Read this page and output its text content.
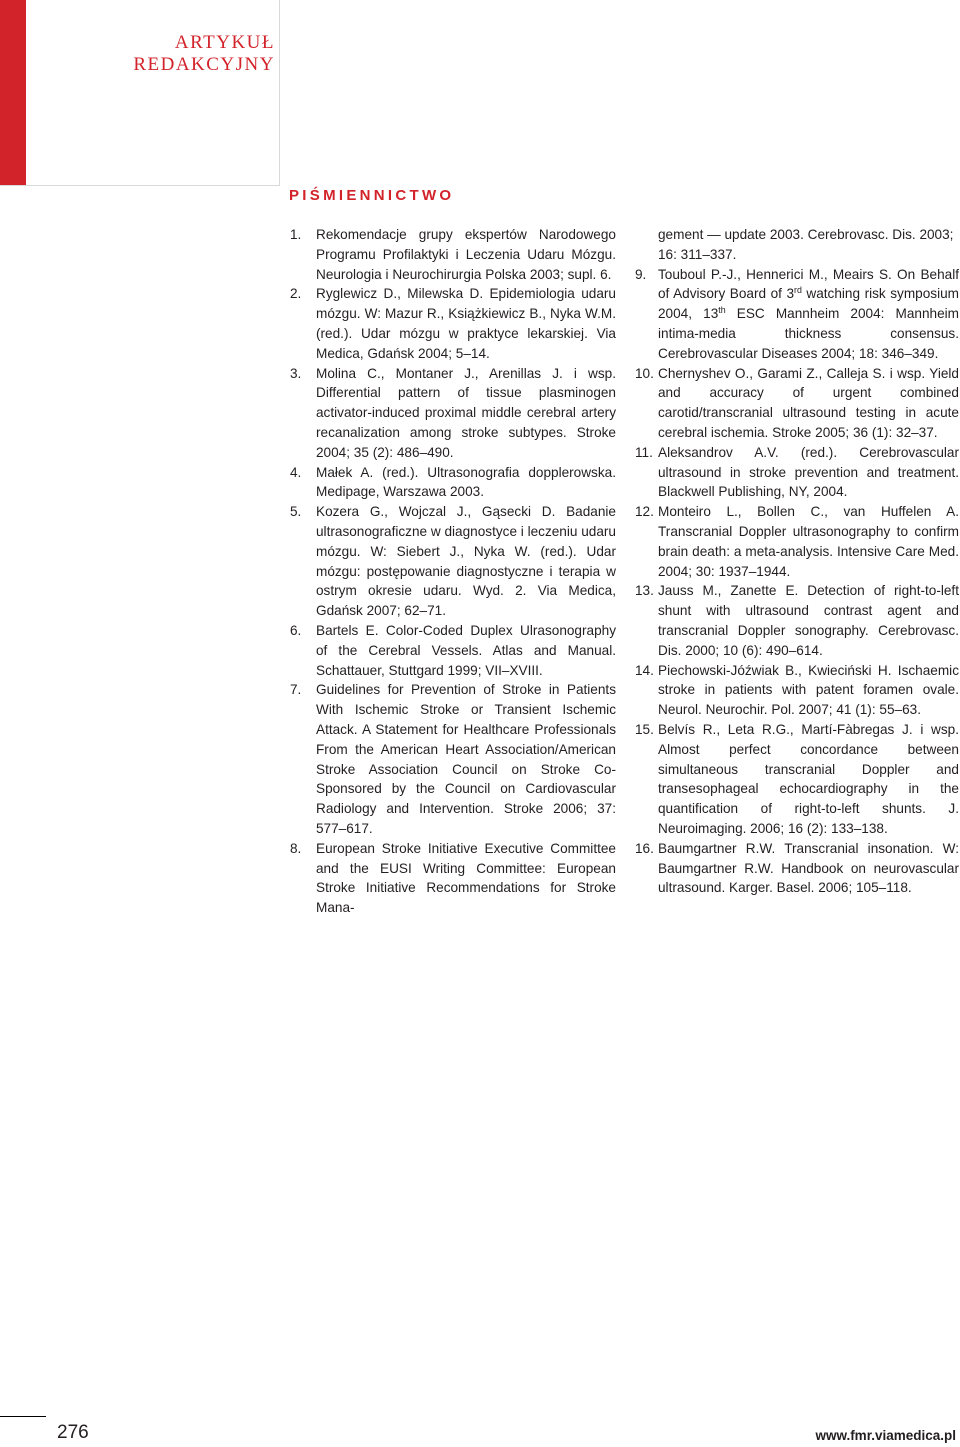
ARTYKUŁ
REDAKCYJNY
PIŚMIENNICTWO
1. Rekomendacje grupy ekspertów Narodowego Programu Profilaktyki i Leczenia Udaru Mózgu. Neurologia i Neurochirurgia Polska 2003; supl. 6.
2. Ryglewicz D., Milewska D. Epidemiologia udaru mózgu. W: Mazur R., Książkiewicz B., Nyka W.M. (red.). Udar mózgu w praktyce lekarskiej. Via Medica, Gdańsk 2004; 5–14.
3. Molina C., Montaner J., Arenillas J. i wsp. Differential pattern of tissue plasminogen activator-induced proximal middle cerebral artery recanalization among stroke subtypes. Stroke 2004; 35 (2): 486–490.
4. Małek A. (red.). Ultrasonografia dopplerowska. Medipage, Warszawa 2003.
5. Kozera G., Wojczal J., Gąsecki D. Badanie ultrasonograficzne w diagnostyce i leczeniu udaru mózgu. W: Siebert J., Nyka W. (red.). Udar mózgu: postępowanie diagnostyczne i terapia w ostrym okresie udaru. Wyd. 2. Via Medica, Gdańsk 2007; 62–71.
6. Bartels E. Color-Coded Duplex Ulrasonography of the Cerebral Vessels. Atlas and Manual. Schattauer, Stuttgard 1999; VII–XVIII.
7. Guidelines for Prevention of Stroke in Patients With Ischemic Stroke or Transient Ischemic Attack. A Statement for Healthcare Professionals From the American Heart Association/American Stroke Association Council on Stroke Co-Sponsored by the Council on Cardiovascular Radiology and Intervention. Stroke 2006; 37: 577–617.
8. European Stroke Initiative Executive Committee and the EUSI Writing Committee: European Stroke Initiative Recommendations for Stroke Mana-
gement — update 2003. Cerebrovasc. Dis. 2003; 16: 311–337.
9. Touboul P.-J., Hennerici M., Meairs S. On Behalf of Advisory Board of 3rd watching risk symposium 2004, 13th ESC Mannheim 2004: Mannheim intima-media thickness consensus. Cerebrovascular Diseases 2004; 18: 346–349.
10. Chernyshev O., Garami Z., Calleja S. i wsp. Yield and accuracy of urgent combined carotid/transcranial ultrasound testing in acute cerebral ischemia. Stroke 2005; 36 (1): 32–37.
11. Aleksandrov A.V. (red.). Cerebrovascular ultrasound in stroke prevention and treatment. Blackwell Publishing, NY, 2004.
12. Monteiro L., Bollen C., van Huffelen A. Transcranial Doppler ultrasonography to confirm brain death: a meta-analysis. Intensive Care Med. 2004; 30: 1937–1944.
13. Jauss M., Zanette E. Detection of right-to-left shunt with ultrasound contrast agent and transcranial Doppler sonography. Cerebrovasc. Dis. 2000; 10 (6): 490–614.
14. Piechowski-Jóźwiak B., Kwieciński H. Ischaemic stroke in patients with patent foramen ovale. Neurol. Neurochir. Pol. 2007; 41 (1): 55–63.
15. Belvís R., Leta R.G., Martí-Fàbregas J. i wsp. Almost perfect concordance between simultaneous transcranial Doppler and transesophageal echocardiography in the quantification of right-to-left shunts. J. Neuroimaging. 2006; 16 (2): 133–138.
16. Baumgartner R.W. Transcranial insonation. W: Baumgartner R.W. Handbook on neurovascular ultrasound. Karger. Basel. 2006; 105–118.
276	www.fmr.viamedica.pl
